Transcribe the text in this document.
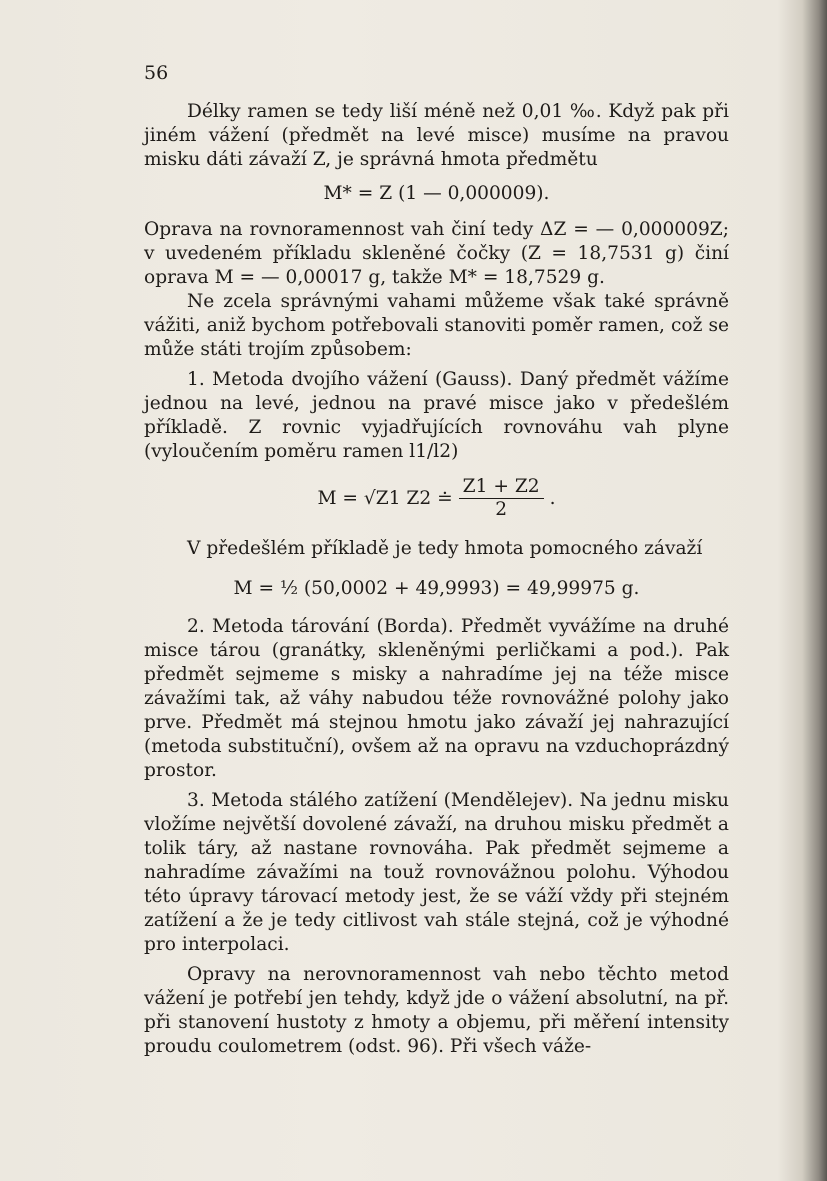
56

Délky ramen se tedy liší méně než 0,01 ‰. Když pak při jiném vážení (předmět na levé misce) musíme na pravou misku dáti závaží Z, je správná hmota předmětu

M* = Z (1 — 0,000009).

Oprava na rovnoramennost vah činí tedy ΔZ = — 0,000009Z; v uvedeném příkladu skleněné čočky (Z = 18,7531 g) činí oprava M = — 0,00017 g, takže M* = 18,7529 g.

Ne zcela správnými vahami můžeme však také správně vážiti, aniž bychom potřebovali stanoviti poměr ramen, což se může státi trojím způsobem:

1. Metoda dvojího vážení (Gauss). Daný předmět vážíme jednou na levé, jednou na pravé misce jako v předešlém příkladě. Z rovnic vyjadřujících rovnováhu vah plyne (vyloučením poměru ramen l1/l2)

M = √Z1 Z2 ≐ $\frac{Z1 + Z2}{2}$ .

V předešlém příkladě je tedy hmota pomocného závaží

M = ½ (50,0002 + 49,9993) = 49,99975 g.

2. Metoda tárování (Borda). Předmět vyvážíme na druhé misce tárou (granátky, skleněnými perličkami a pod.). Pak předmět sejmeme s misky a nahradíme jej na téže misce závažími tak, až váhy nabudou téže rovnovážné polohy jako prve. Předmět má stejnou hmotu jako závaží jej nahrazující (metoda substituční), ovšem až na opravu na vzduchoprázdný prostor.

3. Metoda stálého zatížení (Mendělejev). Na jednu misku vložíme největší dovolené závaží, na druhou misku předmět a tolik táry, až nastane rovnováha. Pak předmět sejmeme a nahradíme závažími na touž rovnovážnou polohu. Výhodou této úpravy tárovací metody jest, že se váží vždy při stejném zatížení a že je tedy citlivost vah stále stejná, což je výhodné pro interpolaci.

Opravy na nerovnoramennost vah nebo těchto metod vážení je potřebí jen tehdy, když jde o vážení absolutní, na př. při stanovení hustoty z hmoty a objemu, při měření intensity proudu coulometrem (odst. 96). Při všech váže-
